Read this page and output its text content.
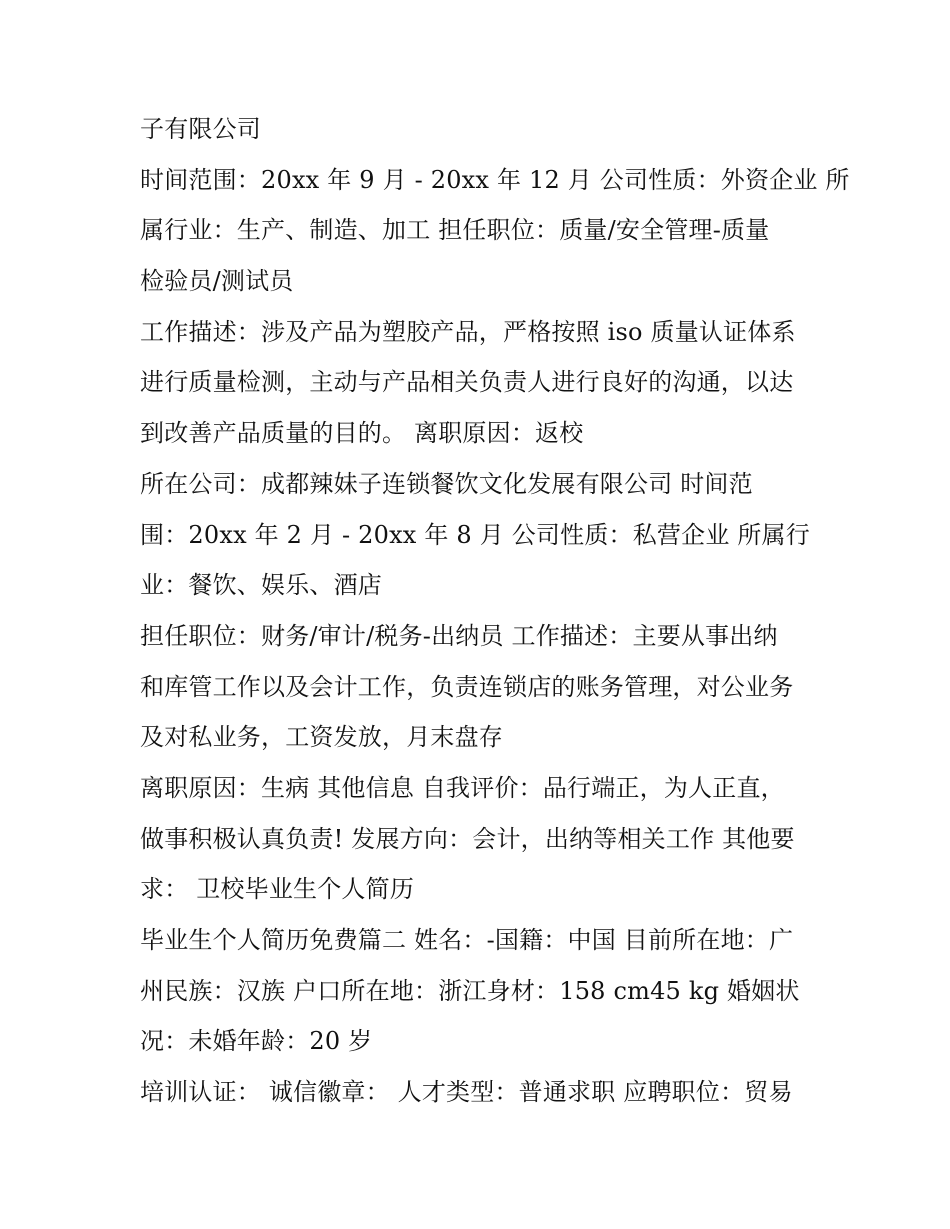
子有限公司
时间范围：20xx 年 9 月 - 20xx 年 12 月 公司性质：外资企业 所
属行业：生产、制造、加工 担任职位：质量/安全管理-质量
检验员/测试员
工作描述：涉及产品为塑胶产品，严格按照 iso 质量认证体系
进行质量检测，主动与产品相关负责人进行良好的沟通，以达
到改善产品质量的目的。 离职原因：返校
所在公司：成都辣妹子连锁餐饮文化发展有限公司 时间范
围：20xx 年 2 月 - 20xx 年 8 月 公司性质：私营企业 所属行
业：餐饮、娱乐、酒店
担任职位：财务/审计/税务-出纳员 工作描述：主要从事出纳
和库管工作以及会计工作，负责连锁店的账务管理，对公业务
及对私业务，工资发放，月末盘存
离职原因：生病 其他信息 自我评价：品行端正，为人正直，
做事积极认真负责! 发展方向：会计，出纳等相关工作 其他要
求： 卫校毕业生个人简历
毕业生个人简历免费篇二 姓名：-国籍：中国 目前所在地：广
州民族：汉族 户口所在地：浙江身材：158 cm45 kg 婚姻状
况：未婚年龄：20 岁
培训认证： 诚信徽章： 人才类型：普通求职 应聘职位：贸易
